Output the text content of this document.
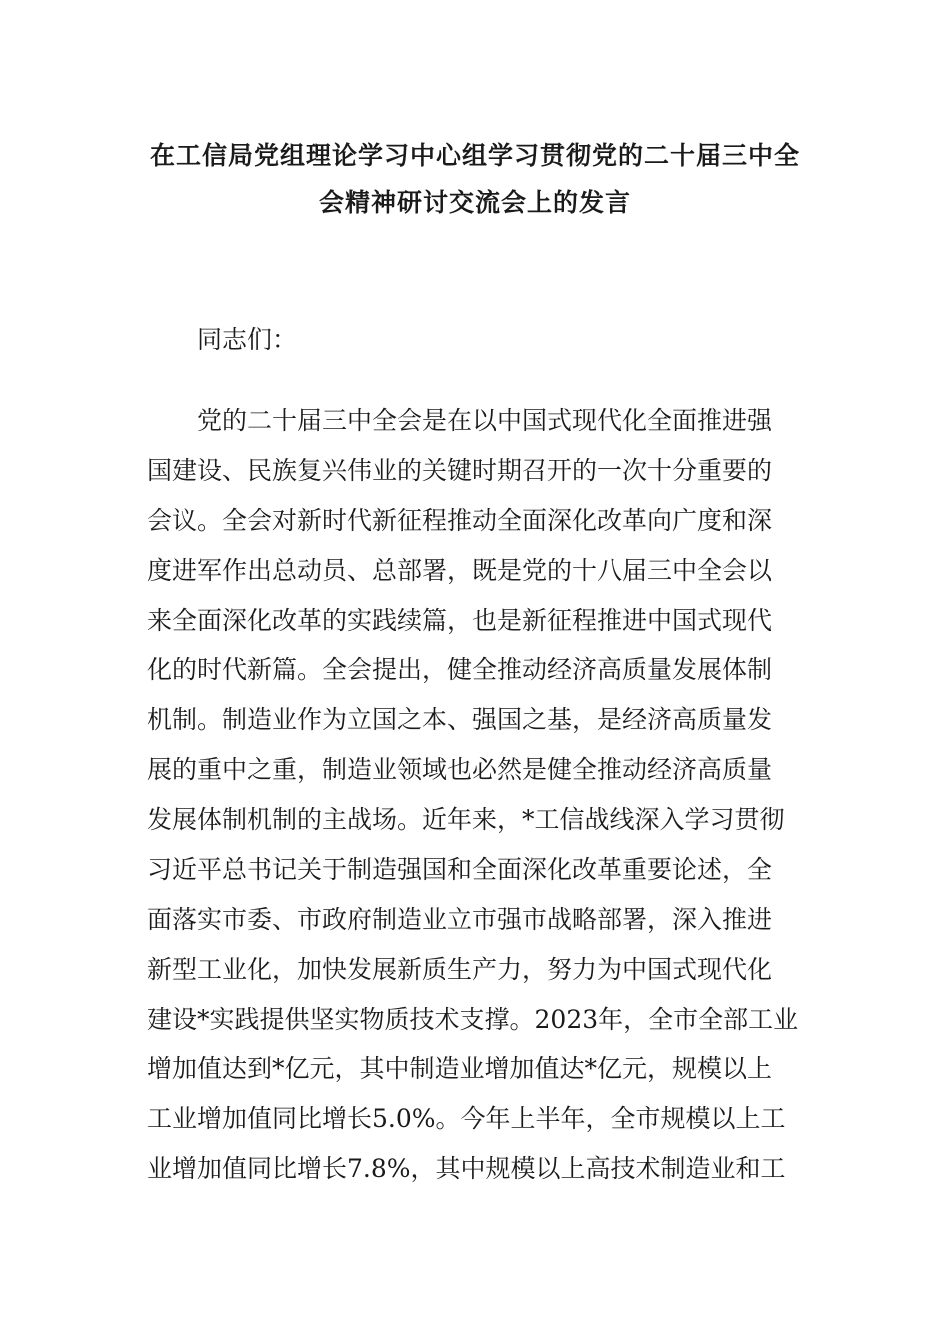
在工信局党组理论学习中心组学习贯彻党的二十届三中全
会精神研讨交流会上的发言
同志们：
党的二十届三中全会是在以中国式现代化全面推进强
国建设、民族复兴伟业的关键时期召开的一次十分重要的
会议。全会对新时代新征程推动全面深化改革向广度和深
度进军作出总动员、总部署，既是党的十八届三中全会以
来全面深化改革的实践续篇，也是新征程推进中国式现代
化的时代新篇。全会提出，健全推动经济高质量发展体制
机制。制造业作为立国之本、强国之基，是经济高质量发
展的重中之重，制造业领域也必然是健全推动经济高质量
发展体制机制的主战场。近年来，*工信战线深入学习贯彻
习近平总书记关于制造强国和全面深化改革重要论述，全
面落实市委、市政府制造业立市强市战略部署，深入推进
新型工业化，加快发展新质生产力，努力为中国式现代化
建设*实践提供坚实物质技术支撑。2023年，全市全部工业
增加值达到*亿元，其中制造业增加值达*亿元，规模以上
工业增加值同比增长5.0%。今年上半年，全市规模以上工
业增加值同比增长7.8%，其中规模以上高技术制造业和工
